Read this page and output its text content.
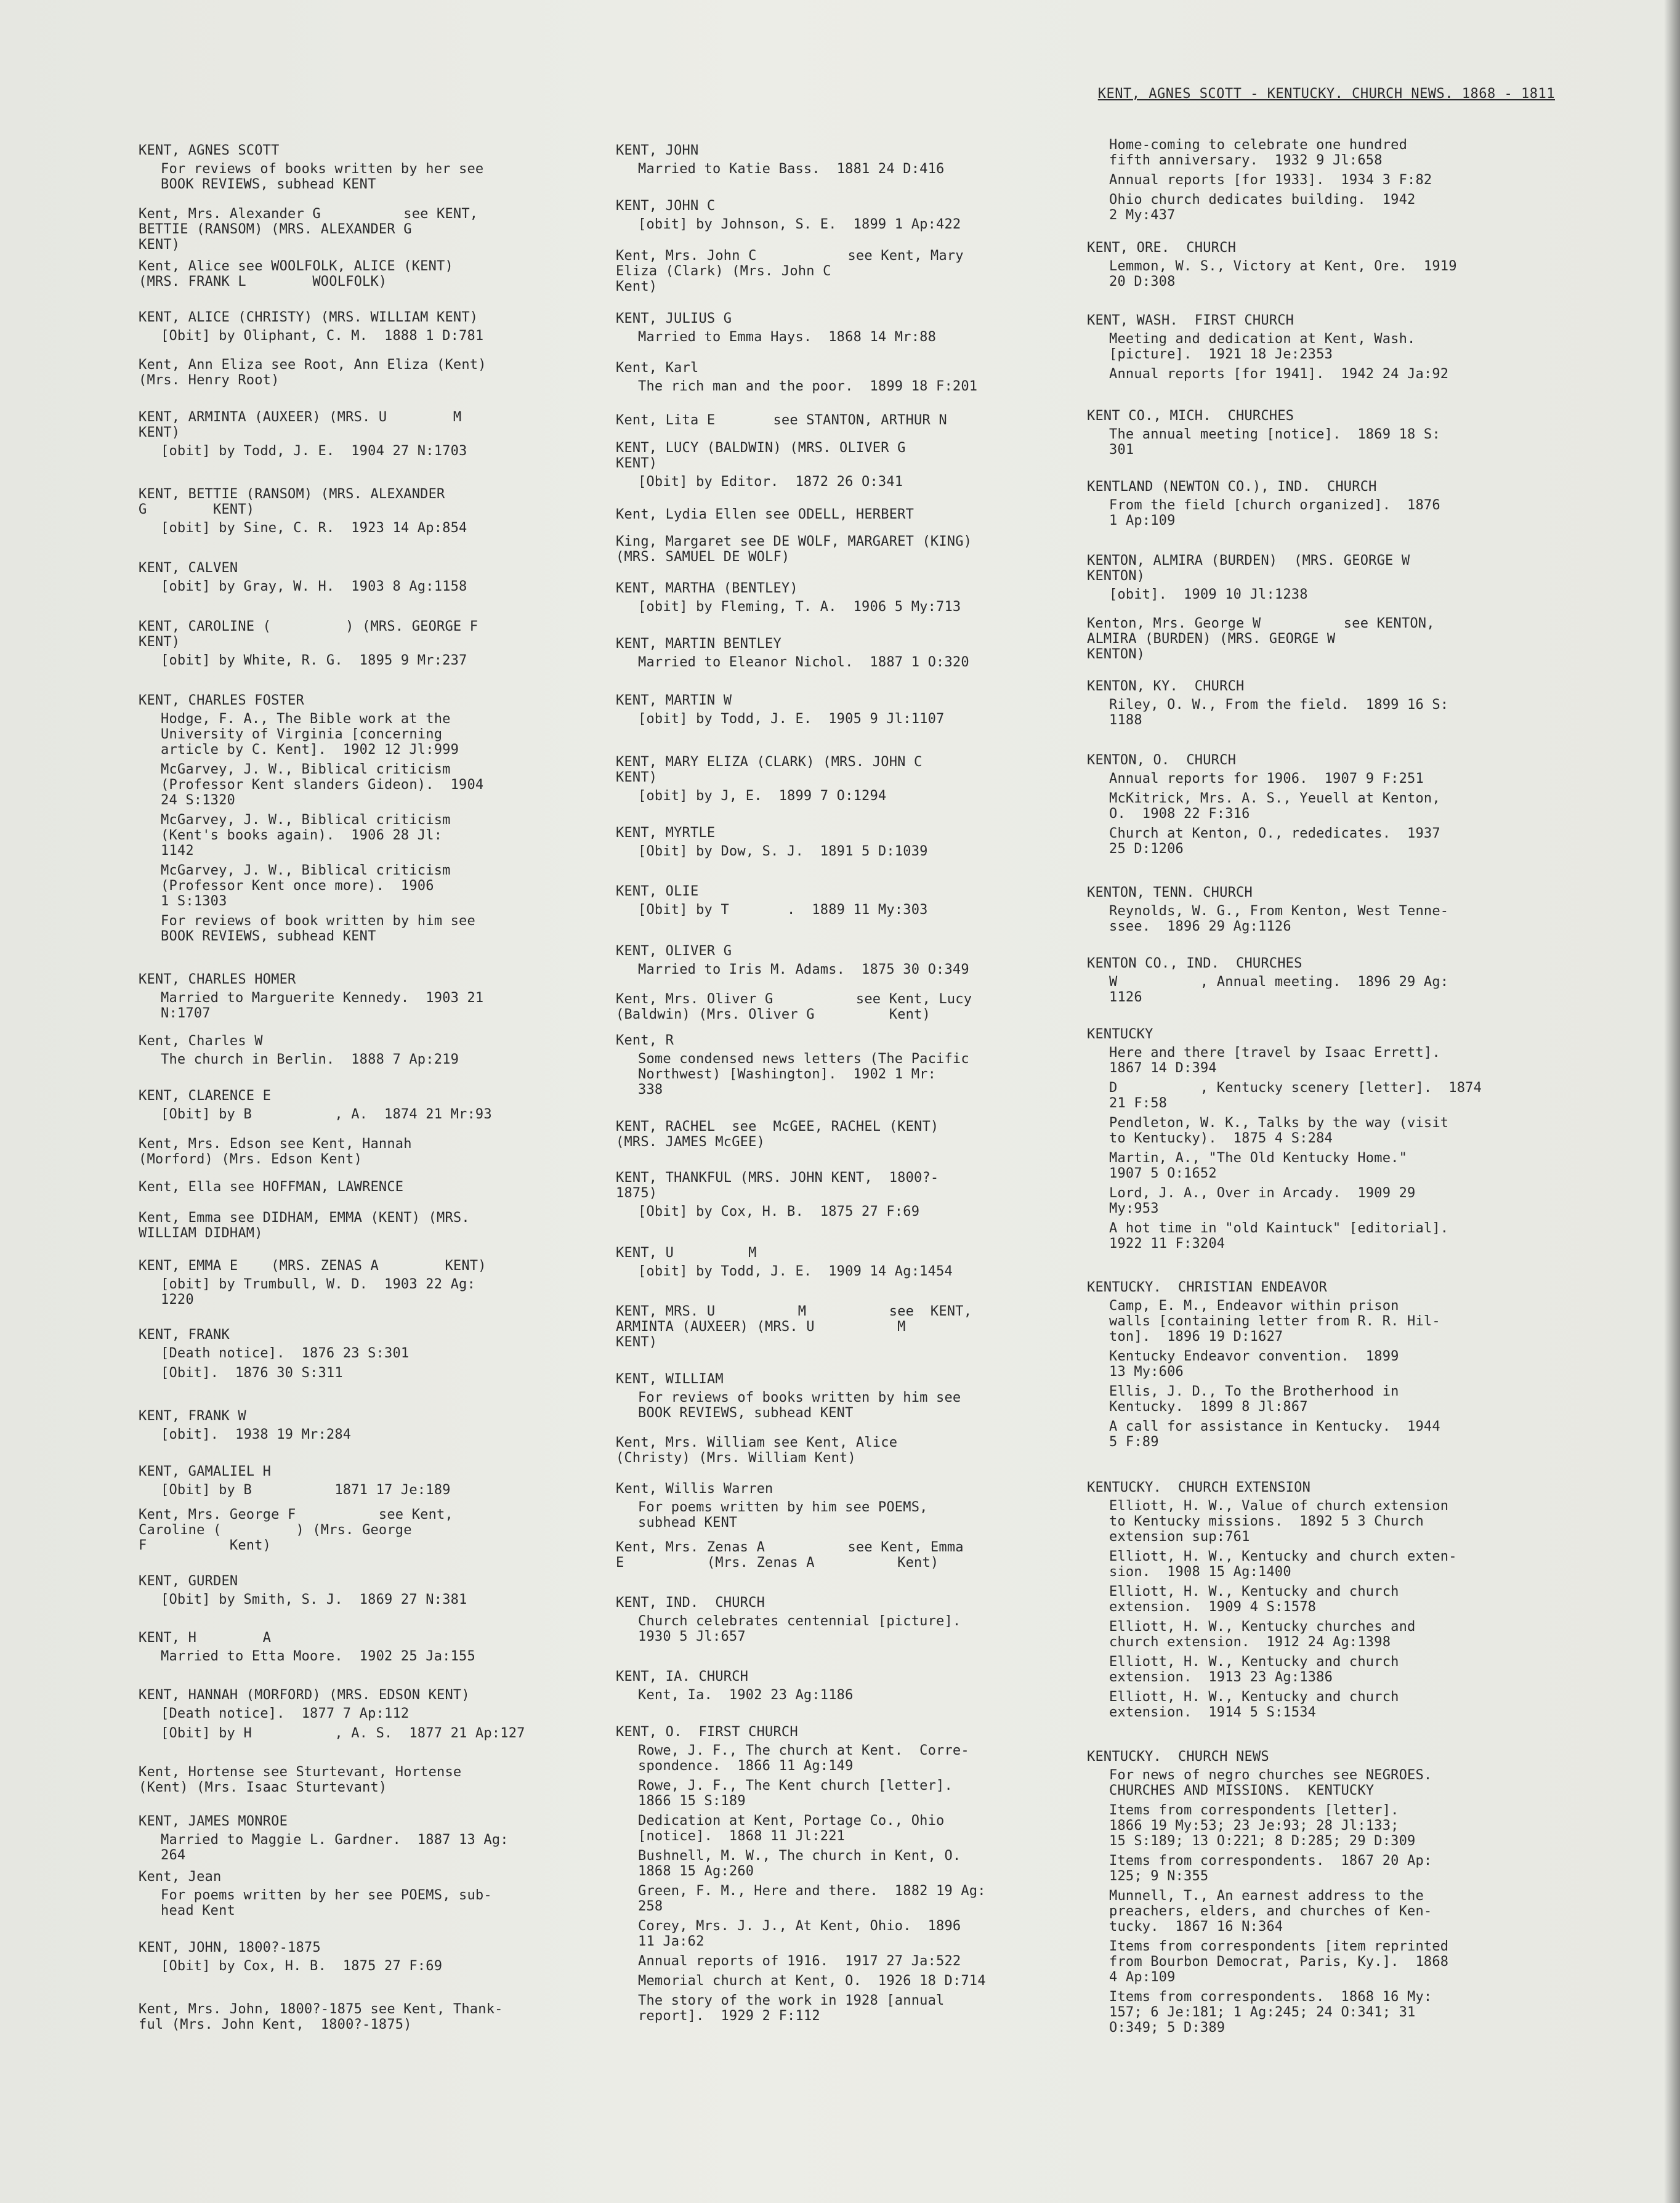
KENT, AGNES SCOTT - KENTUCKY. CHURCH NEWS. 1868 - 1811
KENT, AGNES SCOTT
For reviews of books written by her see
BOOK REVIEWS, subhead KENT
Kent, Mrs. Alexander G          see KENT,
BETTIE (RANSOM) (MRS. ALEXANDER G
KENT)
Kent, Alice see WOOLFOLK, ALICE (KENT)
(MRS. FRANK L        WOOLFOLK)
KENT, ALICE (CHRISTY) (MRS. WILLIAM KENT)
[Obit] by Oliphant, C. M.  1888 1 D:781
Kent, Ann Eliza see Root, Ann Eliza (Kent)
(Mrs. Henry Root)
KENT, ARMINTA (AUXEER) (MRS. U        M
KENT)
[obit] by Todd, J. E.  1904 27 N:1703
KENT, BETTIE (RANSOM) (MRS. ALEXANDER
G        KENT)
[obit] by Sine, C. R.  1923 14 Ap:854
KENT, CALVEN
[obit] by Gray, W. H.  1903 8 Ag:1158
KENT, CAROLINE (         ) (MRS. GEORGE F
KENT)
[obit] by White, R. G.  1895 9 Mr:237
KENT, CHARLES FOSTER
Hodge, F. A., The Bible work at the
University of Virginia [concerning
article by C. Kent].  1902 12 Jl:999
McGarvey, J. W., Biblical criticism
(Professor Kent slanders Gideon).  1904
24 S:1320
McGarvey, J. W., Biblical criticism
(Kent's books again).  1906 28 Jl:
1142
McGarvey, J. W., Biblical criticism
(Professor Kent once more).  1906
1 S:1303
For reviews of book written by him see
BOOK REVIEWS, subhead KENT
KENT, CHARLES HOMER
Married to Marguerite Kennedy.  1903 21
N:1707
Kent, Charles W
The church in Berlin.  1888 7 Ap:219
KENT, CLARENCE E
[Obit] by B          , A.  1874 21 Mr:93
Kent, Mrs. Edson see Kent, Hannah
(Morford) (Mrs. Edson Kent)
Kent, Ella see HOFFMAN, LAWRENCE
Kent, Emma see DIDHAM, EMMA (KENT) (MRS.
WILLIAM DIDHAM)
KENT, EMMA E    (MRS. ZENAS A        KENT)
[obit] by Trumbull, W. D.  1903 22 Ag:
1220
KENT, FRANK
[Death notice].  1876 23 S:301
[Obit].  1876 30 S:311
KENT, FRANK W
[obit].  1938 19 Mr:284
KENT, GAMALIEL H
[Obit] by B          1871 17 Je:189
Kent, Mrs. George F          see Kent,
Caroline (         ) (Mrs. George
F          Kent)
KENT, GURDEN
[Obit] by Smith, S. J.  1869 27 N:381
KENT, H        A
Married to Etta Moore.  1902 25 Ja:155
KENT, HANNAH (MORFORD) (MRS. EDSON KENT)
[Death notice].  1877 7 Ap:112
[Obit] by H          , A. S.  1877 21 Ap:127
Kent, Hortense see Sturtevant, Hortense
(Kent) (Mrs. Isaac Sturtevant)
KENT, JAMES MONROE
Married to Maggie L. Gardner.  1887 13 Ag:
264
Kent, Jean
For poems written by her see POEMS, sub-
head Kent
KENT, JOHN, 1800?-1875
[Obit] by Cox, H. B.  1875 27 F:69
Kent, Mrs. John, 1800?-1875 see Kent, Thank-
ful (Mrs. John Kent,  1800?-1875)
KENT, JOHN
Married to Katie Bass.  1881 24 D:416
KENT, JOHN C
[obit] by Johnson, S. E.  1899 1 Ap:422
Kent, Mrs. John C           see Kent, Mary
Eliza (Clark) (Mrs. John C
Kent)
KENT, JULIUS G
Married to Emma Hays.  1868 14 Mr:88
Kent, Karl
The rich man and the poor.  1899 18 F:201
Kent, Lita E       see STANTON, ARTHUR N
KENT, LUCY (BALDWIN) (MRS. OLIVER G
KENT)
[Obit] by Editor.  1872 26 O:341
Kent, Lydia Ellen see ODELL, HERBERT
King, Margaret see DE WOLF, MARGARET (KING)
(MRS. SAMUEL DE WOLF)
KENT, MARTHA (BENTLEY)
[obit] by Fleming, T. A.  1906 5 My:713
KENT, MARTIN BENTLEY
Married to Eleanor Nichol.  1887 1 O:320
KENT, MARTIN W
[obit] by Todd, J. E.  1905 9 Jl:1107
KENT, MARY ELIZA (CLARK) (MRS. JOHN C
KENT)
[obit] by J, E.  1899 7 O:1294
KENT, MYRTLE
[Obit] by Dow, S. J.  1891 5 D:1039
KENT, OLIE
[Obit] by T       .  1889 11 My:303
KENT, OLIVER G
Married to Iris M. Adams.  1875 30 O:349
Kent, Mrs. Oliver G          see Kent, Lucy
(Baldwin) (Mrs. Oliver G         Kent)
Kent, R
Some condensed news letters (The Pacific
Northwest) [Washington].  1902 1 Mr:
338
KENT, RACHEL  see  McGEE, RACHEL (KENT)
(MRS. JAMES McGEE)
KENT, THANKFUL (MRS. JOHN KENT,  1800?-
1875)
[Obit] by Cox, H. B.  1875 27 F:69
KENT, U         M
[obit] by Todd, J. E.  1909 14 Ag:1454
KENT, MRS. U          M          see  KENT,
ARMINTA (AUXEER) (MRS. U          M
KENT)
KENT, WILLIAM
For reviews of books written by him see
BOOK REVIEWS, subhead KENT
Kent, Mrs. William see Kent, Alice
(Christy) (Mrs. William Kent)
Kent, Willis Warren
For poems written by him see POEMS,
subhead KENT
Kent, Mrs. Zenas A          see Kent, Emma
E          (Mrs. Zenas A          Kent)
KENT, IND.  CHURCH
Church celebrates centennial [picture].
1930 5 Jl:657
KENT, IA. CHURCH
Kent, Ia.  1902 23 Ag:1186
KENT, O.  FIRST CHURCH
Rowe, J. F., The church at Kent.  Corre-
spondence.  1866 11 Ag:149
Rowe, J. F., The Kent church [letter].
1866 15 S:189
Dedication at Kent, Portage Co., Ohio
[notice].  1868 11 Jl:221
Bushnell, M. W., The church in Kent, O.
1868 15 Ag:260
Green, F. M., Here and there.  1882 19 Ag:
258
Corey, Mrs. J. J., At Kent, Ohio.  1896
11 Ja:62
Annual reports of 1916.  1917 27 Ja:522
Memorial church at Kent, O.  1926 18 D:714
The story of the work in 1928 [annual
report].  1929 2 F:112
Home-coming to celebrate one hundred
fifth anniversary.  1932 9 Jl:658
Annual reports [for 1933].  1934 3 F:82
Ohio church dedicates building.  1942
2 My:437
KENT, ORE.  CHURCH
Lemmon, W. S., Victory at Kent, Ore.  1919
20 D:308
KENT, WASH.  FIRST CHURCH
Meeting and dedication at Kent, Wash.
[picture].  1921 18 Je:2353
Annual reports [for 1941].  1942 24 Ja:92
KENT CO., MICH.  CHURCHES
The annual meeting [notice].  1869 18 S:
301
KENTLAND (NEWTON CO.), IND.  CHURCH
From the field [church organized].  1876
1 Ap:109
KENTON, ALMIRA (BURDEN)  (MRS. GEORGE W
KENTON)
[obit].  1909 10 Jl:1238
Kenton, Mrs. George W          see KENTON,
ALMIRA (BURDEN) (MRS. GEORGE W
KENTON)
KENTON, KY.  CHURCH
Riley, O. W., From the field.  1899 16 S:
1188
KENTON, O.  CHURCH
Annual reports for 1906.  1907 9 F:251
McKitrick, Mrs. A. S., Yeuell at Kenton,
O.  1908 22 F:316
Church at Kenton, O., rededicates.  1937
25 D:1206
KENTON, TENN. CHURCH
Reynolds, W. G., From Kenton, West Tenne-
ssee.  1896 29 Ag:1126
KENTON CO., IND.  CHURCHES
W          , Annual meeting.  1896 29 Ag:
1126
KENTUCKY
Here and there [travel by Isaac Errett].
1867 14 D:394
D          , Kentucky scenery [letter].  1874
21 F:58
Pendleton, W. K., Talks by the way (visit
to Kentucky).  1875 4 S:284
Martin, A., "The Old Kentucky Home."
1907 5 O:1652
Lord, J. A., Over in Arcady.  1909 29
My:953
A hot time in "old Kaintuck" [editorial].
1922 11 F:3204
KENTUCKY.  CHRISTIAN ENDEAVOR
Camp, E. M., Endeavor within prison
walls [containing letter from R. R. Hil-
ton].  1896 19 D:1627
Kentucky Endeavor convention.  1899
13 My:606
Ellis, J. D., To the Brotherhood in
Kentucky.  1899 8 Jl:867
A call for assistance in Kentucky.  1944
5 F:89
KENTUCKY.  CHURCH EXTENSION
Elliott, H. W., Value of church extension
to Kentucky missions.  1892 5 3 Church
extension sup:761
Elliott, H. W., Kentucky and church exten-
sion.  1908 15 Ag:1400
Elliott, H. W., Kentucky and church
extension.  1909 4 S:1578
Elliott, H. W., Kentucky churches and
church extension.  1912 24 Ag:1398
Elliott, H. W., Kentucky and church
extension.  1913 23 Ag:1386
Elliott, H. W., Kentucky and church
extension.  1914 5 S:1534
KENTUCKY.  CHURCH NEWS
For news of negro churches see NEGROES.
CHURCHES AND MISSIONS.  KENTUCKY
Items from correspondents [letter].
1866 19 My:53; 23 Je:93; 28 Jl:133;
15 S:189; 13 O:221; 8 D:285; 29 D:309
Items from correspondents.  1867 20 Ap:
125; 9 N:355
Munnell, T., An earnest address to the
preachers, elders, and churches of Ken-
tucky.  1867 16 N:364
Items from correspondents [item reprinted
from Bourbon Democrat, Paris, Ky.].  1868
4 Ap:109
Items from correspondents.  1868 16 My:
157; 6 Je:181; 1 Ag:245; 24 O:341; 31
O:349; 5 D:389
